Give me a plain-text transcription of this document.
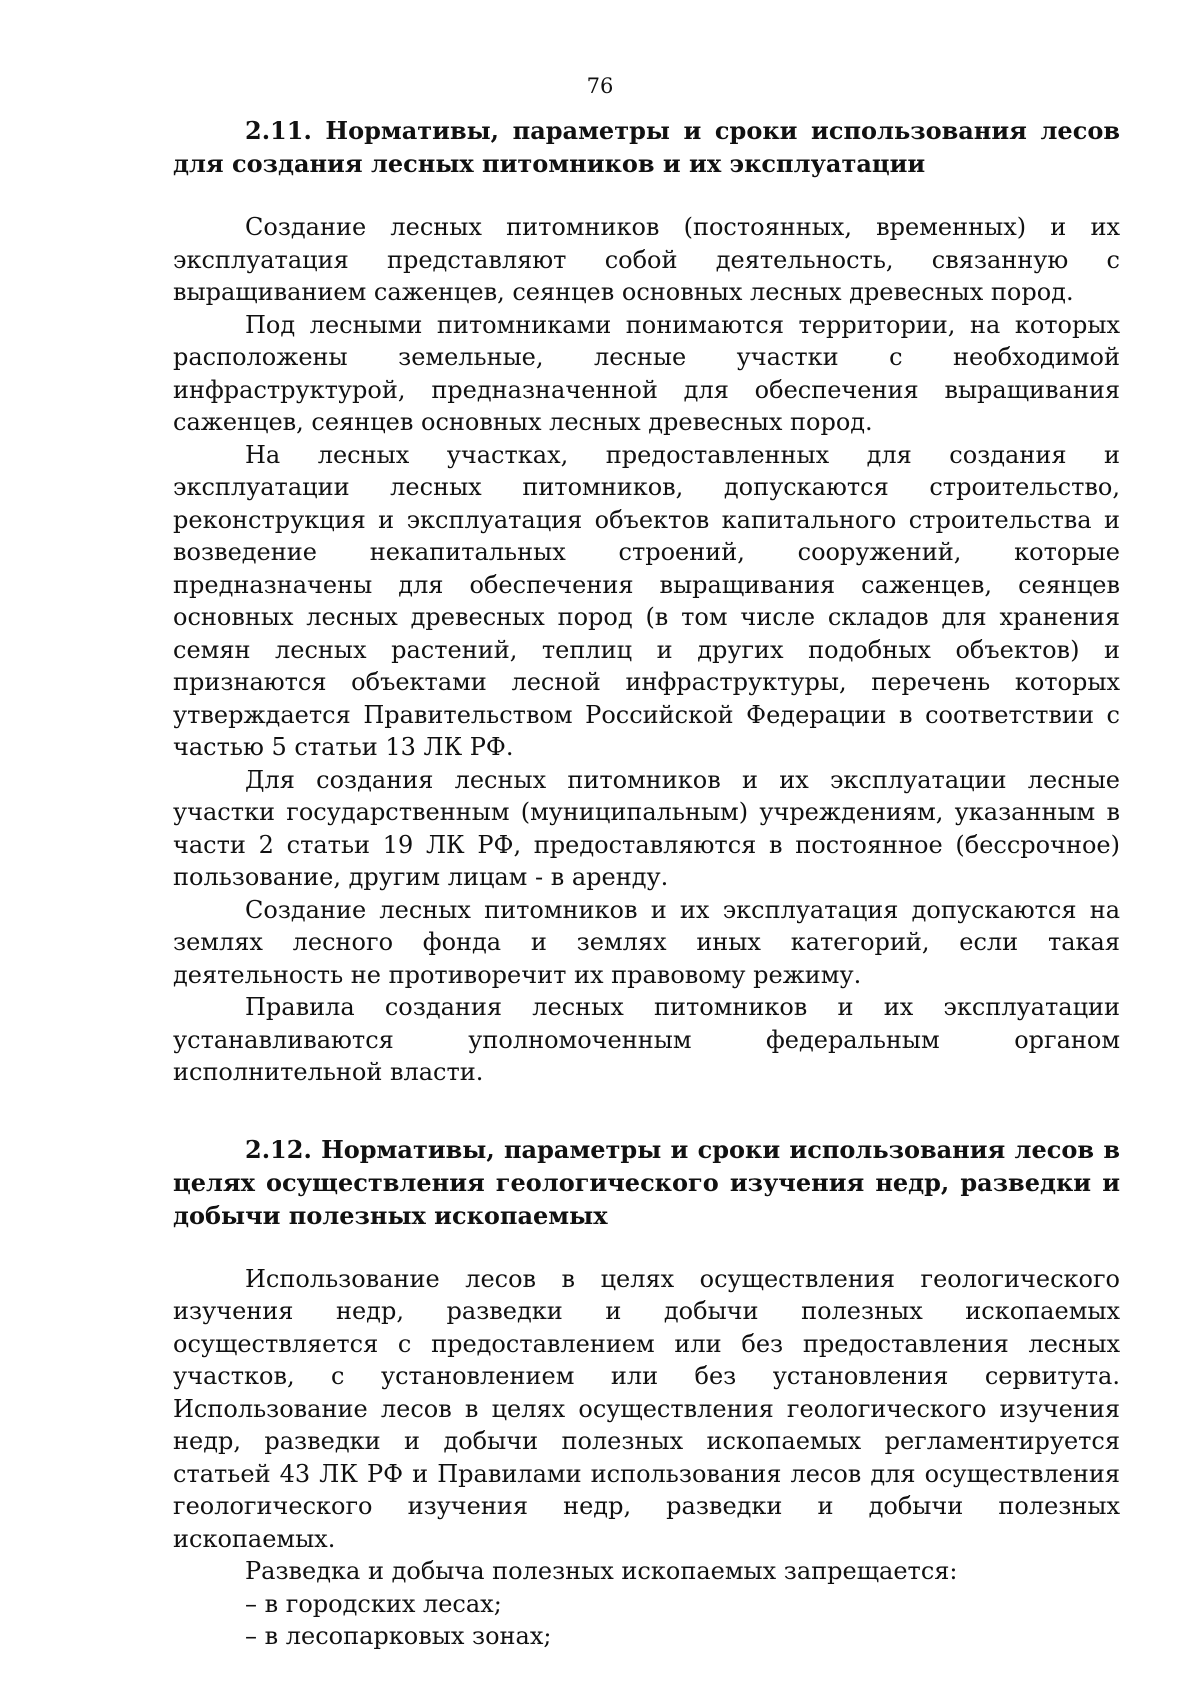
76
2.11. Нормативы, параметры и сроки использования лесов для создания лесных питомников и их эксплуатации

Создание лесных питомников (постоянных, временных) и их эксплуатация представляют собой деятельность, связанную с выращиванием саженцев, сеянцев основных лесных древесных пород.

Под лесными питомниками понимаются территории, на которых расположены земельные, лесные участки с необходимой инфраструктурой, предназначенной для обеспечения выращивания саженцев, сеянцев основных лесных древесных пород.

На лесных участках, предоставленных для создания и эксплуатации лесных питомников, допускаются строительство, реконструкция и эксплуатация объектов капитального строительства и возведение некапитальных строений, сооружений, которые предназначены для обеспечения выращивания саженцев, сеянцев основных лесных древесных пород (в том числе складов для хранения семян лесных растений, теплиц и других подобных объектов) и признаются объектами лесной инфраструктуры, перечень которых утверждается Правительством Российской Федерации в соответствии с частью 5 статьи 13 ЛК РФ.

Для создания лесных питомников и их эксплуатации лесные участки государственным (муниципальным) учреждениям, указанным в части 2 статьи 19 ЛК РФ, предоставляются в постоянное (бессрочное) пользование, другим лицам - в аренду.

Создание лесных питомников и их эксплуатация допускаются на землях лесного фонда и землях иных категорий, если такая деятельность не противоречит их правовому режиму.

Правила создания лесных питомников и их эксплуатации устанавливаются уполномоченным федеральным органом исполнительной власти.

2.12. Нормативы, параметры и сроки использования лесов в целях осуществления геологического изучения недр, разведки и добычи полезных ископаемых

Использование лесов в целях осуществления геологического изучения недр, разведки и добычи полезных ископаемых осуществляется с предоставлением или без предоставления лесных участков, с установлением или без установления сервитута. Использование лесов в целях осуществления геологического изучения недр, разведки и добычи полезных ископаемых регламентируется статьей 43 ЛК РФ и Правилами использования лесов для осуществления геологического изучения недр, разведки и добычи полезных ископаемых.

Разведка и добыча полезных ископаемых запрещается:

– в городских лесах;

– в лесопарковых зонах;
